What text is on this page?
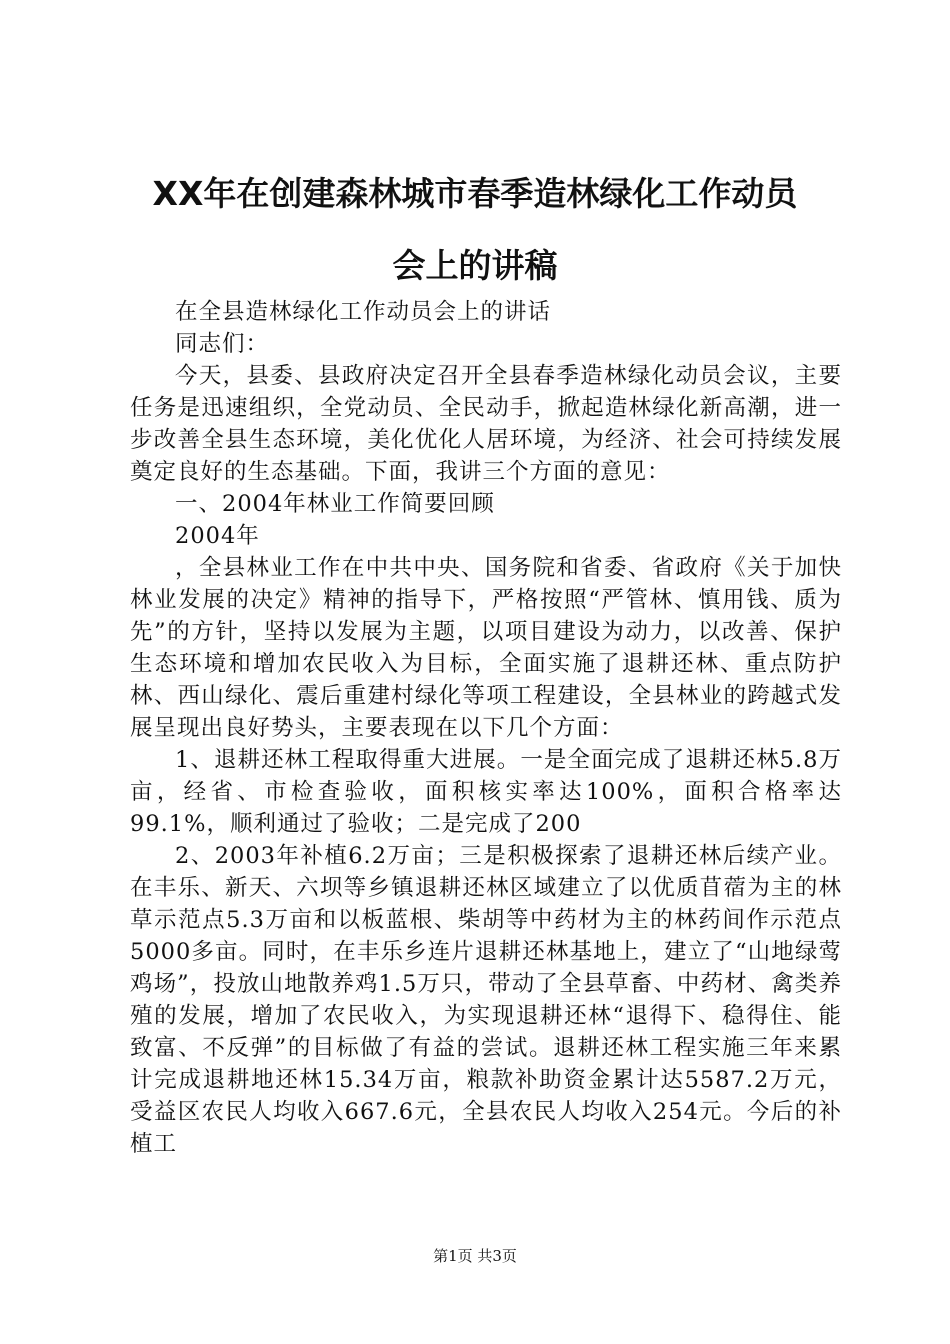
XX年在创建森林城市春季造林绿化工作动员
会上的讲稿

在全县造林绿化工作动员会上的讲话

同志们：

今天，县委、县政府决定召开全县春季造林绿化动员会议，主要任务是迅速组织，全党动员、全民动手，掀起造林绿化新高潮，进一步改善全县生态环境，美化优化人居环境，为经济、社会可持续发展奠定良好的生态基础。下面，我讲三个方面的意见：

一、2004年林业工作简要回顾

2004年

，全县林业工作在中共中央、国务院和省委、省政府《关于加快林业发展的决定》精神的指导下，严格按照“严管林、慎用钱、质为先”的方针，坚持以发展为主题，以项目建设为动力，以改善、保护生态环境和增加农民收入为目标，全面实施了退耕还林、重点防护林、西山绿化、震后重建村绿化等项工程建设，全县林业的跨越式发展呈现出良好势头，主要表现在以下几个方面：

1、退耕还林工程取得重大进展。一是全面完成了退耕还林5.8万亩，经省、市检查验收，面积核实率达100%，面积合格率达99.1%，顺利通过了验收；二是完成了200

2、2003年补植6.2万亩；三是积极探索了退耕还林后续产业。在丰乐、新天、六坝等乡镇退耕还林区域建立了以优质苜蓿为主的林草示范点5.3万亩和以板蓝根、柴胡等中药材为主的林药间作示范点5000多亩。同时，在丰乐乡连片退耕还林基地上，建立了“山地绿莺鸡场”，投放山地散养鸡1.5万只，带动了全县草畜、中药材、禽类养殖的发展，增加了农民收入，为实现退耕还林“退得下、稳得住、能致富、不反弹”的目标做了有益的尝试。退耕还林工程实施三年来累计完成退耕地还林15.34万亩，粮款补助资金累计达5587.2万元，受益区农民人均收入667.6元，全县农民人均收入254元。今后的补植工

第1页 共3页
